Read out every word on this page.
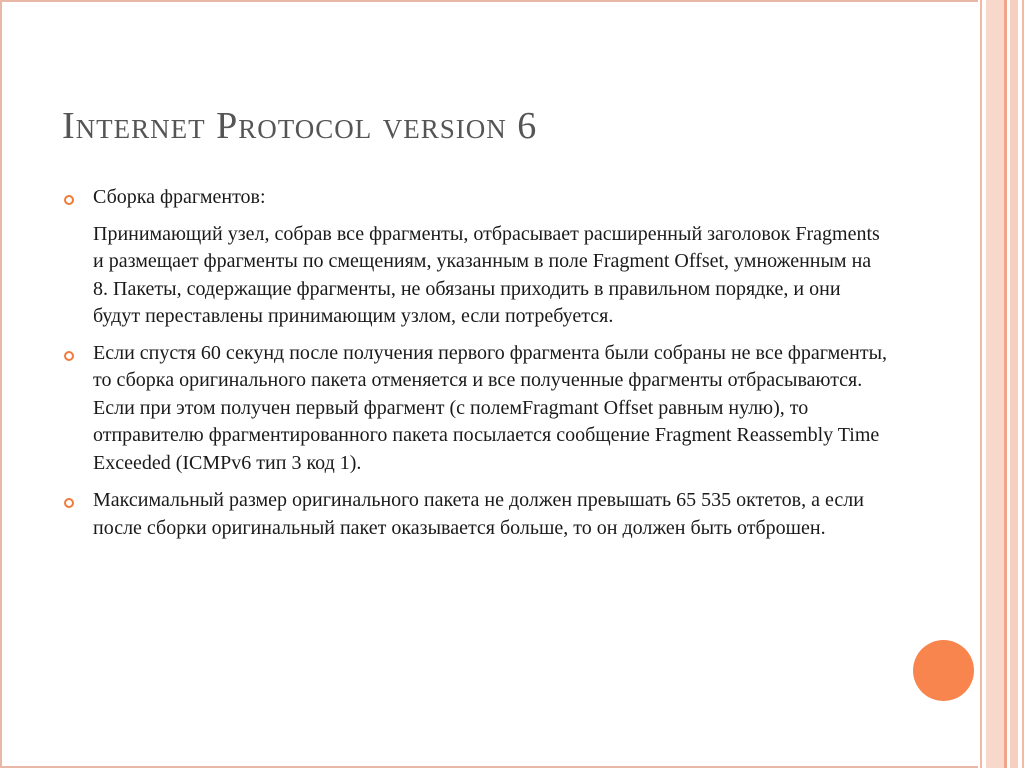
Internet Protocol version 6
Сборка фрагментов:
Принимающий узел, собрав все фрагменты, отбрасывает расширенный заголовок Fragments и размещает фрагменты по смещениям, указанным в поле Fragment Offset, умноженным на 8. Пакеты, содержащие фрагменты, не обязаны приходить в правильном порядке, и они будут переставлены принимающим узлом, если потребуется.
Если спустя 60 секунд после получения первого фрагмента были собраны не все фрагменты, то сборка оригинального пакета отменяется и все полученные фрагменты отбрасываются. Если при этом получен первый фрагмент (с полемFragmant Offset равным нулю), то отправителю фрагментированного пакета посылается сообщение Fragment Reassembly Time Exceeded (ICMPv6 тип 3 код 1).
Максимальный размер оригинального пакета не должен превышать 65 535 октетов, а если после сборки оригинальный пакет оказывается больше, то он должен быть отброшен.
